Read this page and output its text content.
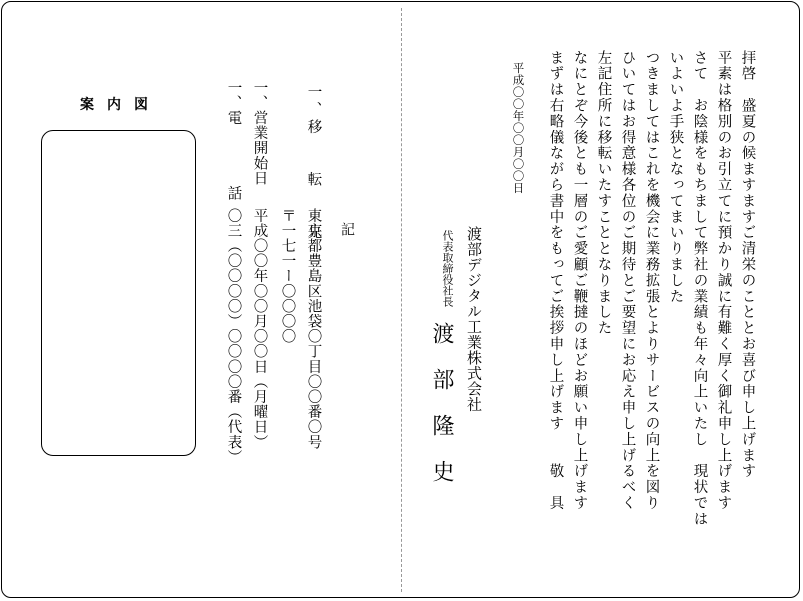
拝啓　盛夏の候ますますご清栄のこととお喜び申し上げます
平素は格別のお引立てに預かり誠に有難く厚く御礼申し上げます
さて　お陰様をもちまして弊社の業績も年々向上いたし　現状では
いよいよ手狭となってまいりました
つきましてはこれを機会に業務拡張とよりサービスの向上を図り
ひいてはお得意様各位のご期待とご要望にお応え申し上げるべく
左記住所に移転いたすこととなりました
なにとぞ今後とも一層のご愛顧ご鞭撻のほどお願い申し上げます
まずは右略儀ながら書中をもってご挨拶申し上げます　　敬　具
平成〇〇年〇〇月〇〇日
渡部デジタル工業株式会社
代表取締役社長
渡部隆史
記
一、移　　転　　先
東京都豊島区池袋〇丁目〇〇番〇号
〒一七一ー〇〇〇〇
一、営業開始日
平成〇〇年〇〇月〇〇日（月曜日）
一、電　　　　話
〇三（〇〇〇〇）〇〇〇〇番（代表）
案内図
